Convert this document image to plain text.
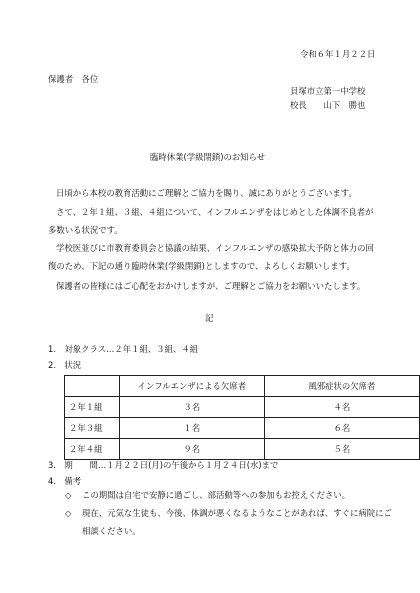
令和６年１月２２日
保護者　各位
貝塚市立第一中学校
校長　　山下　勝也
臨時休業(学級閉鎖)のお知らせ
日頃から本校の教育活動にご理解とご協力を賜り、誠にありがとうございます。
さて、２年１組、３組、４組について、インフルエンザをはじめとした体調不良者が多数いる状況です。
学校医並びに市教育委員会と協議の結果、インフルエンザの感染拡大予防と体力の回復のため、下記の通り臨時休業(学級閉鎖)としますので、よろしくお願いします。
保護者の皆様にはご心配をおかけしますが、ご理解とご協力をお願いいたします。
記
1.　対象クラス…２年１組、３組、４組
2.　状況
	インフルエンザによる欠席者	風邪症状の欠席者
２年１組	３名	４名
２年３組	１名	６名
２年４組	９名	５名
3.　期　　間…１月２２日(月)の午後から１月２４日(水)まで
4.　備考
◇ この期間は自宅で安静に過ごし、部活動等への参加もお控えください。
◇ 現在、元気な生徒も、今後、体調が悪くなるようなことがあれば、すぐに病院にご相談ください。
